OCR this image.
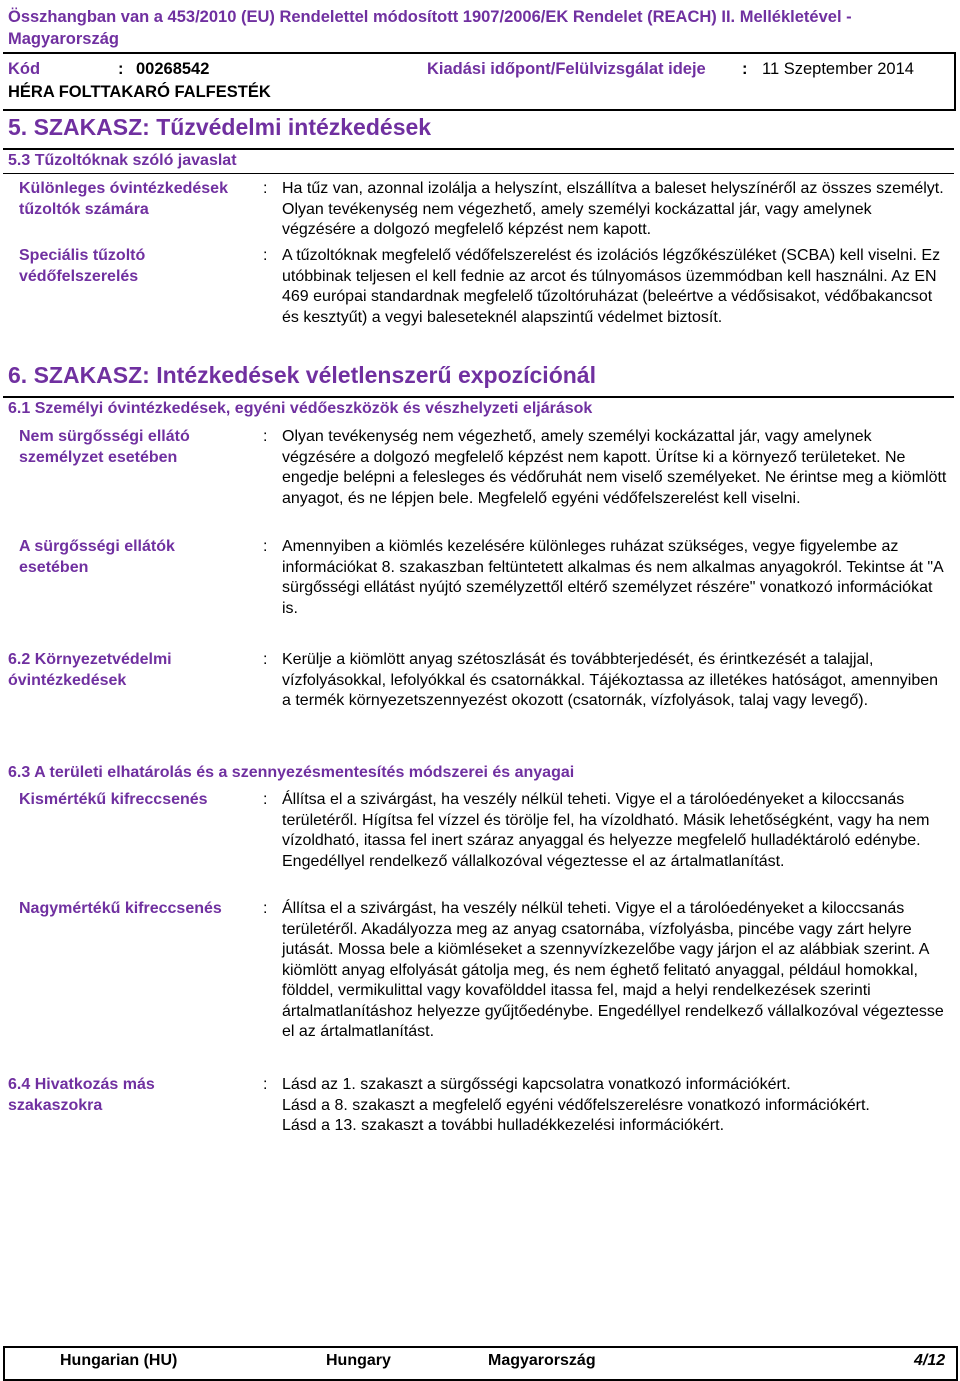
Összhangban van a 453/2010 (EU) Rendelettel módosított 1907/2006/EK Rendelet (REACH) II. Mellékletével - Magyarország
Kód	: 00268542	Kiadási időpont/Felülvizsgálat ideje : 11 Szeptember 2014
HÉRA FOLTTAKARÓ FALFESTÉK
5. SZAKASZ: Tűzvédelmi intézkedések
5.3 Tűzoltóknak szóló javaslat
Különleges óvintézkedések tűzoltók számára
: Ha tűz van, azonnal izolálja a helyszínt, elszállítva a baleset helyszínéről az összes személyt. Olyan tevékenység nem végezhető, amely személyi kockázattal jár, vagy amelynek végzésére a dolgozó megfelelő képzést nem kapott.
Speciális tűzoltó védőfelszerelés
: A tűzoltóknak megfelelő védőfelszerelést és izolációs légzőkészüléket (SCBA) kell viselni. Ez utóbbinak teljesen el kell fednie az arcot és túlnyomásos üzemmódban kell használni. Az EN 469 európai standardnak megfelelő tűzoltóruházat (beleértve a védősisakot, védőbakancsot és kesztyűt) a vegyi baleseteknél alapszintű védelmet biztosít.
6. SZAKASZ: Intézkedések véletlenszerű expozíciónál
6.1 Személyi óvintézkedések, egyéni védőeszközök és vészhelyzeti eljárások
Nem sürgősségi ellátó személyzet esetében
: Olyan tevékenység nem végezhető, amely személyi kockázattal jár, vagy amelynek végzésére a dolgozó megfelelő képzést nem kapott. Ürítse ki a környező területeket. Ne engedje belépni a felesleges és védőruhát nem viselő személyeket. Ne érintse meg a kiömlött anyagot, és ne lépjen bele. Megfelelő egyéni védőfelszerelést kell viselni.
A sürgősségi ellátók esetében
: Amennyiben a kiömlés kezelésére különleges ruházat szükséges, vegye figyelembe az információkat 8. szakaszban feltüntetett alkalmas és nem alkalmas anyagokról. Tekintse át "A sürgősségi ellátást nyújtó személyzettől eltérő személyzet részére" vonatkozó információkat is.
6.2 Környezetvédelmi óvintézkedések
: Kerülje a kiömlött anyag szétoszlását és továbbterjedését, és érintkezését a talajjal, vízfolyásokkal, lefolyókkal és csatornákkal. Tájékoztassa az illetékes hatóságot, amennyiben a termék környezetszennyezést okozott (csatornák, vízfolyások, talaj vagy levegő).
6.3 A területi elhatárolás és a szennyezésmentesítés módszerei és anyagai
Kismértékű kifreccsenés	: Állítsa el a szivárgást, ha veszély nélkül teheti. Vigye el a tárolóedényeket a kiloccsanás területéről. Hígítsa fel vízzel és törölje fel, ha vízoldható. Másik lehetőségként, vagy ha nem vízoldható, itassa fel inert száraz anyaggal és helyezze megfelelő hulladéktároló edénybe. Engedéllyel rendelkező vállalkozóval végeztesse el az ártalmatlanítást.
Nagymértékű kifreccsenés	: Állítsa el a szivárgást, ha veszély nélkül teheti. Vigye el a tárolóedényeket a kiloccsanás területéről. Akadályozza meg az anyag csatornába, vízfolyásba, pincébe vagy zárt helyre jutását. Mossa bele a kiömléseket a szennyvízkezelőbe vagy járjon el az alábbiak szerint. A kiömlött anyag elfolyását gátolja meg, és nem éghető felitató anyaggal, például homokkal, földdel, vermikulittal vagy kovafölddel itassa fel, majd a helyi rendelkezések szerinti ártalmatlanításhoz helyezze gyűjtőedénybe. Engedéllyel rendelkező vállalkozóval végeztesse el az ártalmatlanítást.
6.4 Hivatkozás más szakaszokra
: Lásd az 1. szakaszt a sürgősségi kapcsolatra vonatkozó információkért.
Lásd a 8. szakaszt a megfelelő egyéni védőfelszerelésre vonatkozó információkért.
Lásd a 13. szakaszt a további hulladékkezelési információkért.
Hungarian (HU)	Hungary	Magyarország	4/12
